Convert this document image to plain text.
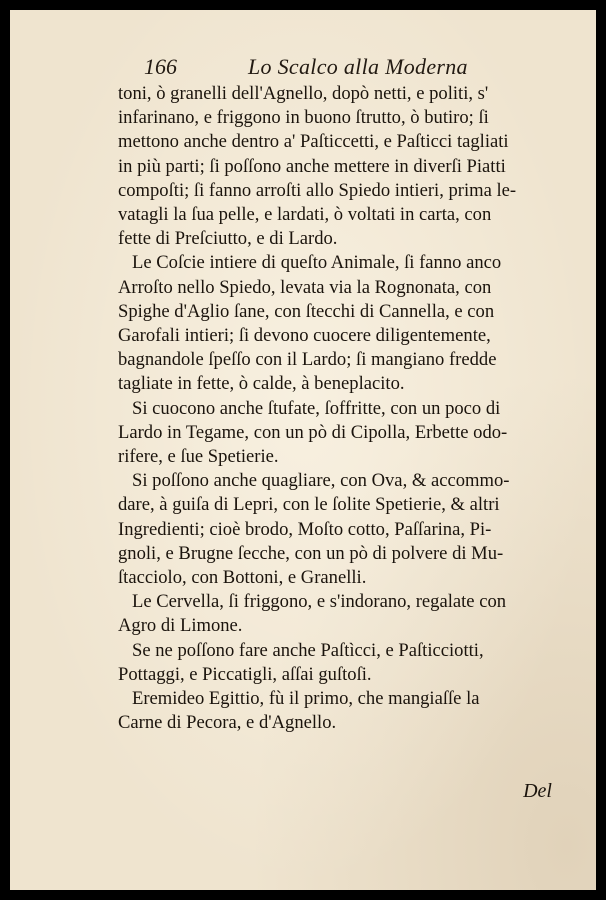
166	Lo Scalco alla Moderna
toni, ò granelli dell'Agnello, dopò netti, e politi, s'
infarinano, e friggono in buono ſtrutto, ò butiro; ſi
mettono anche dentro a' Paſticcetti, e Paſticci tagliati
in più parti; ſi poſſono anche mettere in diverſi Piatti
compoſti; ſi fanno arroſti allo Spiedo intieri, prima le-
vatagli la ſua pelle, e lardati, ò voltati in carta, con
fette di Preſciutto, e di Lardo.
Le Coſcie intiere di queſto Animale, ſi fanno anco
Arroſto nello Spiedo, levata via la Rognonata, con
Spighe d'Aglio ſane, con ſtecchi di Cannella, e con
Garofali intieri; ſi devono cuocere diligentemente,
bagnandole ſpeſſo con il Lardo; ſi mangiano fredde
tagliate in fette, ò calde, à beneplacito.
Si cuocono anche ſtufate, ſoffritte, con un poco di
Lardo in Tegame, con un pò di Cipolla, Erbette odo-
rifere, e ſue Spetierie.
Si poſſono anche quagliare, con Ova, & accommo-
dare, à guiſa di Lepri, con le ſolite Spetierie, & altri
Ingredienti; cioè brodo, Moſto cotto, Paſſarina, Pi-
gnoli, e Brugne ſecche, con un pò di polvere di Mu-
ſtacciolo, con Bottoni, e Granelli.
Le Cervella, ſi friggono, e s'indorano, regalate con
Agro di Limone.
Se ne poſſono fare anche Paſtìcci, e Paſticciotti,
Pottaggi, e Piccatigli, aſſai guſtoſi.
Eremideo Egittio, fù il primo, che mangiaſſe la
Carne di Pecora, e d'Agnello.
Del
